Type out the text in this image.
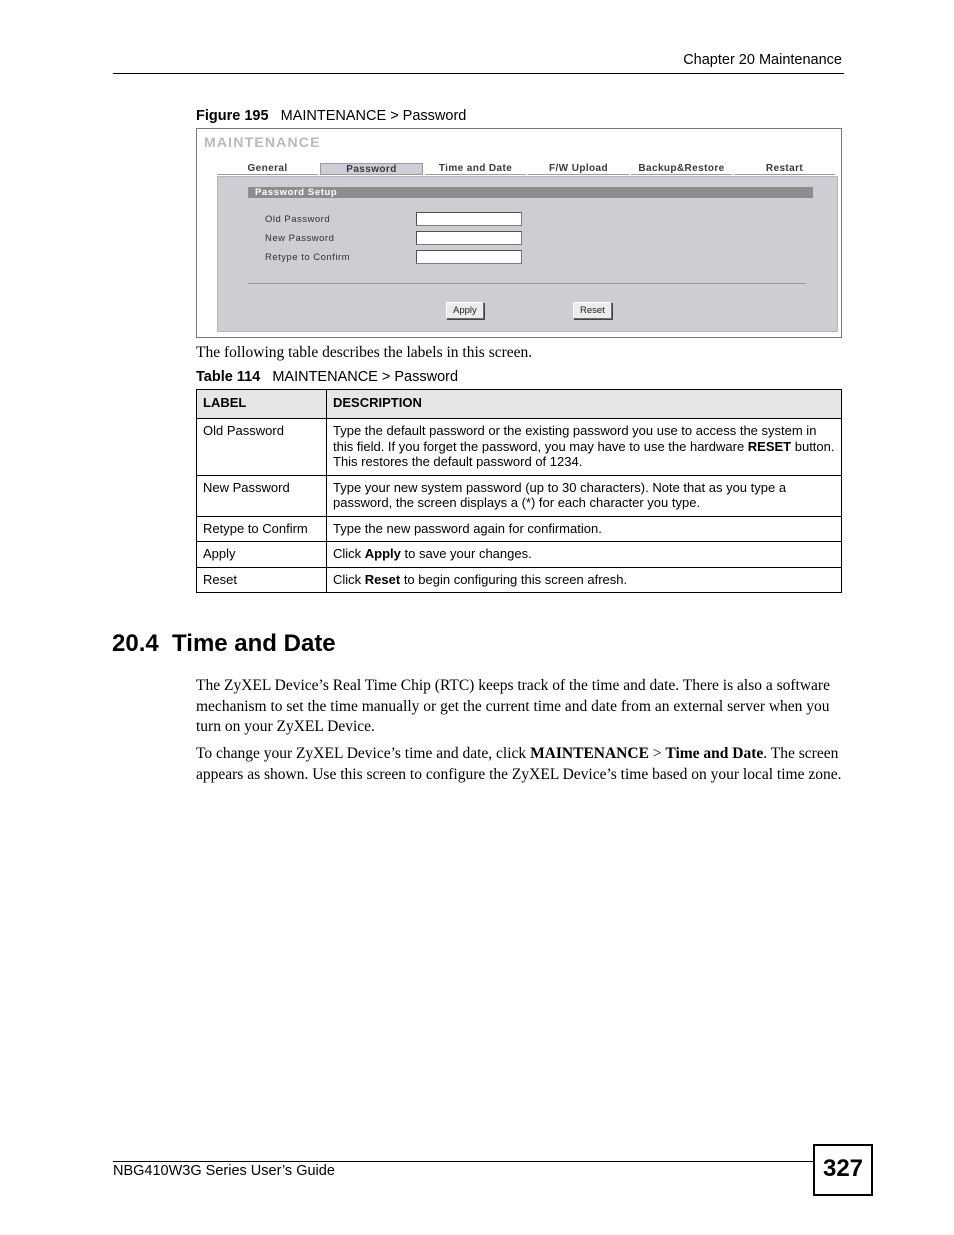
Chapter 20 Maintenance
Figure 195 MAINTENANCE > Password
MAINTENANCE
General	Password	Time and Date	F/W Upload	Backup&Restore	Restart
Password Setup
Old Password
New Password
Retype to Confirm
Apply	Reset
The following table describes the labels in this screen.
Table 114 MAINTENANCE > Password
LABEL	DESCRIPTION
Old Password	Type the default password or the existing password you use to access the system in this field. If you forget the password, you may have to use the hardware RESET button. This restores the default password of 1234.
New Password	Type your new system password (up to 30 characters). Note that as you type a password, the screen displays a (*) for each character you type.
Retype to Confirm	Type the new password again for confirmation.
Apply	Click Apply to save your changes.
Reset	Click Reset to begin configuring this screen afresh.
20.4  Time and Date
The ZyXEL Device’s Real Time Chip (RTC) keeps track of the time and date. There is also a software mechanism to set the time manually or get the current time and date from an external server when you turn on your ZyXEL Device.
To change your ZyXEL Device’s time and date, click MAINTENANCE > Time and Date. The screen appears as shown. Use this screen to configure the ZyXEL Device’s time based on your local time zone.
NBG410W3G Series User’s Guide	327
